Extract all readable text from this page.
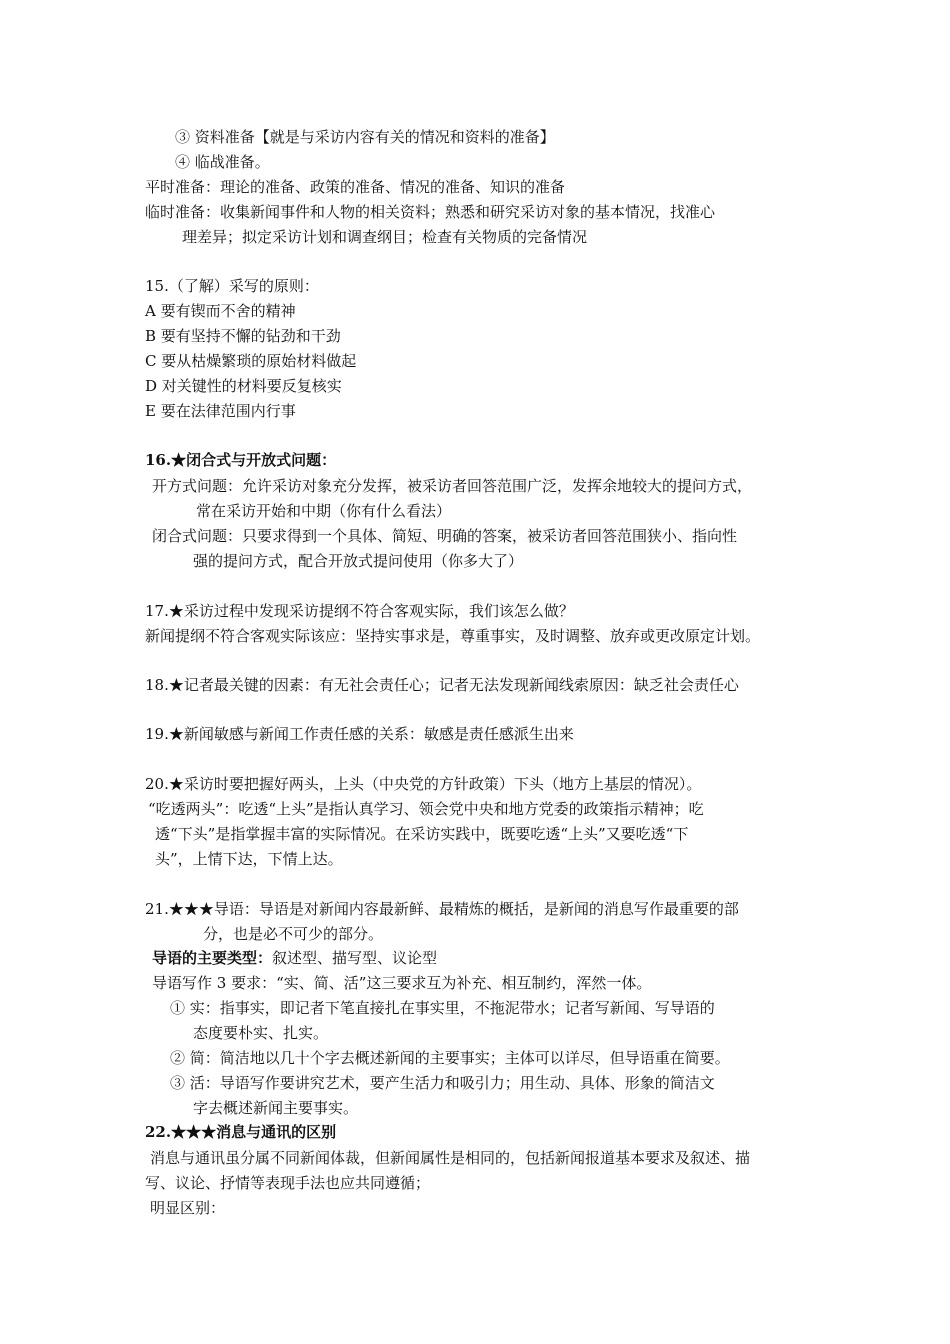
③ 资料准备【就是与采访内容有关的情况和资料的准备】
④ 临战准备。
平时准备：理论的准备、政策的准备、情况的准备、知识的准备
临时准备：收集新闻事件和人物的相关资料；熟悉和研究采访对象的基本情况，找准心
理差异；拟定采访计划和调查纲目；检查有关物质的完备情况
15.（了解）采写的原则：
A 要有锲而不舍的精神
B 要有坚持不懈的钻劲和干劲
C 要从枯燥繁琐的原始材料做起
D 对关键性的材料要反复核实
E 要在法律范围内行事
16.★闭合式与开放式问题：
开方式问题：允许采访对象充分发挥，被采访者回答范围广泛，发挥余地较大的提问方式，
常在采访开始和中期（你有什么看法）
闭合式问题：只要求得到一个具体、简短、明确的答案，被采访者回答范围狭小、指向性
强的提问方式，配合开放式提问使用（你多大了）
17.★采访过程中发现采访提纲不符合客观实际，我们该怎么做？
新闻提纲不符合客观实际该应：坚持实事求是，尊重事实，及时调整、放弃或更改原定计划。
18.★记者最关键的因素：有无社会责任心；记者无法发现新闻线索原因：缺乏社会责任心
19.★新闻敏感与新闻工作责任感的关系：敏感是责任感派生出来
20.★采访时要把握好两头，上头（中央党的方针政策）下头（地方上基层的情况）。
“吃透两头”：吃透“上头”是指认真学习、领会党中央和地方党委的政策指示精神；吃
透“下头”是指掌握丰富的实际情况。在采访实践中，既要吃透“上头”又要吃透“下
头”，上情下达，下情上达。
21.★★★导语：导语是对新闻内容最新鲜、最精炼的概括，是新闻的消息写作最重要的部
分，也是必不可少的部分。
导语的主要类型： 叙述型、描写型、议论型
导语写作 3 要求：“实、简、活”这三要求互为补充、相互制约，浑然一体。
① 实：指事实，即记者下笔直接扎在事实里，不拖泥带水；记者写新闻、写导语的
态度要朴实、扎实。
② 简：简洁地以几十个字去概述新闻的主要事实；主体可以详尽，但导语重在简要。
③ 活：导语写作要讲究艺术，要产生活力和吸引力；用生动、具体、形象的简洁文
字去概述新闻主要事实。
22.★★★消息与通讯的区别
消息与通讯虽分属不同新闻体裁，但新闻属性是相同的，包括新闻报道基本要求及叙述、描
写、议论、抒情等表现手法也应共同遵循；
明显区别：
